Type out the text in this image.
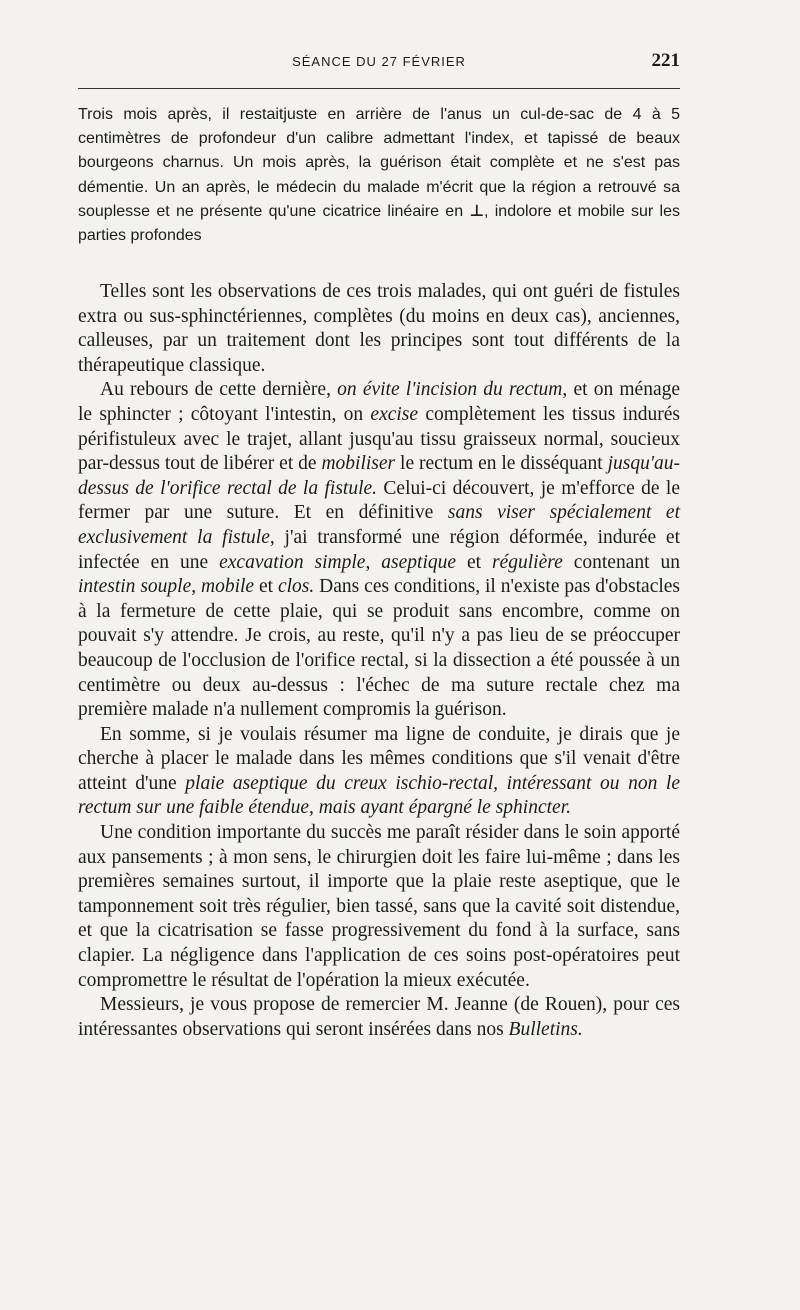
SÉANCE DU 27 FÉVRIER	221
Trois mois après, il restaitjuste en arrière de l'anus un cul-de-sac de 4 à 5 centimètres de profondeur d'un calibre admettant l'index, et tapissé de beaux bourgeons charnus. Un mois après, la guérison était complète et ne s'est pas démentie. Un an après, le médecin du malade m'écrit que la région a retrouvé sa souplesse et ne présente qu'une cicatrice linéaire en ⊥, indolore et mobile sur les parties profondes

Telles sont les observations de ces trois malades, qui ont guéri de fistules extra ou sus-sphinctériennes, complètes (du moins en deux cas), anciennes, calleuses, par un traitement dont les principes sont tout différents de la thérapeutique classique.

Au rebours de cette dernière, on évite l'incision du rectum, et on ménage le sphincter ; côtoyant l'intestin, on excise complètement les tissus indurés périfistuleux avec le trajet, allant jusqu'au tissu graisseux normal, soucieux par-dessus tout de libérer et de mobiliser le rectum en le disséquant jusqu'au-dessus de l'orifice rectal de la fistule. Celui-ci découvert, je m'efforce de le fermer par une suture. Et en définitive sans viser spécialement et exclusivement la fistule, j'ai transformé une région déformée, indurée et infectée en une excavation simple, aseptique et régulière contenant un intestin souple, mobile et clos. Dans ces conditions, il n'existe pas d'obstacles à la fermeture de cette plaie, qui se produit sans encombre, comme on pouvait s'y attendre. Je crois, au reste, qu'il n'y a pas lieu de se préoccuper beaucoup de l'occlusion de l'orifice rectal, si la dissection a été poussée à un centimètre ou deux au-dessus : l'échec de ma suture rectale chez ma première malade n'a nullement compromis la guérison.

En somme, si je voulais résumer ma ligne de conduite, je dirais que je cherche à placer le malade dans les mêmes conditions que s'il venait d'être atteint d'une plaie aseptique du creux ischio-rectal, intéressant ou non le rectum sur une faible étendue, mais ayant épargné le sphincter.

Une condition importante du succès me paraît résider dans le soin apporté aux pansements ; à mon sens, le chirurgien doit les faire lui-même ; dans les premières semaines surtout, il importe que la plaie reste aseptique, que le tamponnement soit très régulier, bien tassé, sans que la cavité soit distendue, et que la cicatrisation se fasse progressivement du fond à la surface, sans clapier. La négligence dans l'application de ces soins post-opératoires peut compromettre le résultat de l'opération la mieux exécutée.

Messieurs, je vous propose de remercier M. Jeanne (de Rouen), pour ces intéressantes observations qui seront insérées dans nos Bulletins.
